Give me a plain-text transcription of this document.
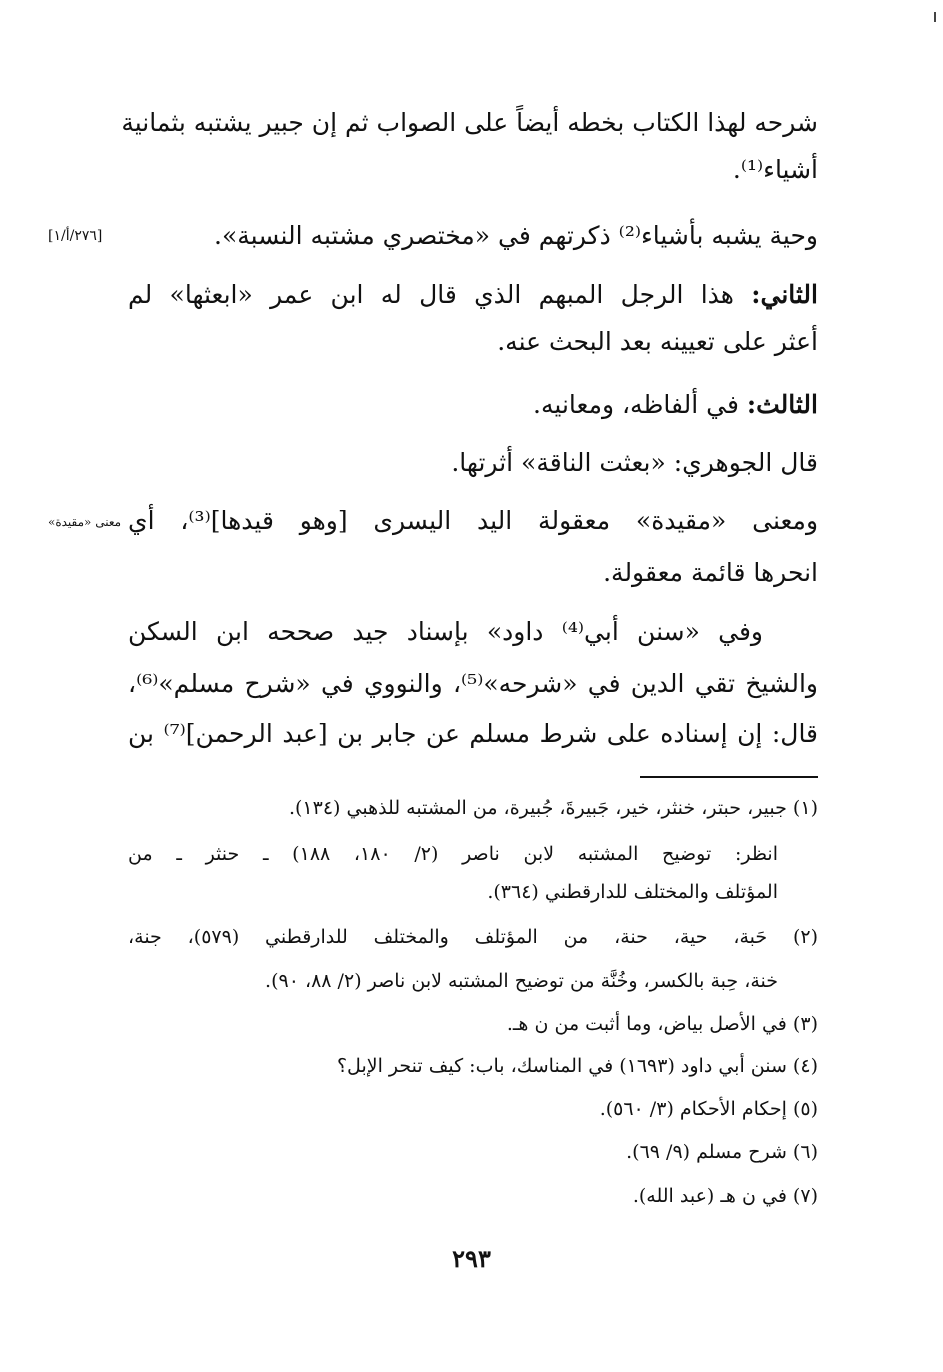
شرحه لهذا الكتاب بخطه أيضاً على الصواب ثم إن جبير يشتبه بثمانية
أشياء⁽¹⁾.
وحية يشبه بأشياء⁽²⁾ ذكرتهم في «مختصري مشتبه النسبة».
[٢٧٦/أ/١]
الثاني: هذا الرجل المبهم الذي قال له ابن عمر «ابعثها» لم
أعثر على تعيينه بعد البحث عنه.
الثالث: في ألفاظه، ومعانيه.
قال الجوهري: «بعثت الناقة» أثرتها.
ومعنى «مقيدة» معقولة اليد اليسرى [وهو قيدها]⁽³⁾، أي
معنى «مقيدة»
انحرها قائمة معقولة.
وفي «سنن أبي⁽⁴⁾ داود» بإسناد جيد صححه ابن السكن
والشيخ تقي الدين في «شرحه»⁽⁵⁾، والنووي في «شرح مسلم»⁽⁶⁾،
قال: إن إسناده على شرط مسلم عن جابر بن [عبد الرحمن]⁽⁷⁾ بن
(١) جبير، حبتر، خنثر، خير، جَبيرةَ، جُبيرة، من المشتبه للذهبي (١٣٤).
انظر: توضيح المشتبه لابن ناصر (٢/ ١٨٠، ١٨٨) ـ حنثر ـ من
المؤتلف والمختلف للدارقطني (٣٦٤).
(٢) حَبة، حية، حنة، من المؤتلف والمختلف للدارقطني (٥٧٩)، جنة،
خنة، حِبة بالكسر، وخُنَّة من توضيح المشتبه لابن ناصر (٢/ ٨٨، ٩٠).
(٣) في الأصل بياض، وما أثبت من ن هـ.
(٤) سنن أبي داود (١٦٩٣) في المناسك، باب: كيف تنحر الإبل؟
(٥) إحكام الأحكام (٣/ ٥٦٠).
(٦) شرح مسلم (٩/ ٦٩).
(٧) في ن هـ (عبد الله).
٢٩٣
